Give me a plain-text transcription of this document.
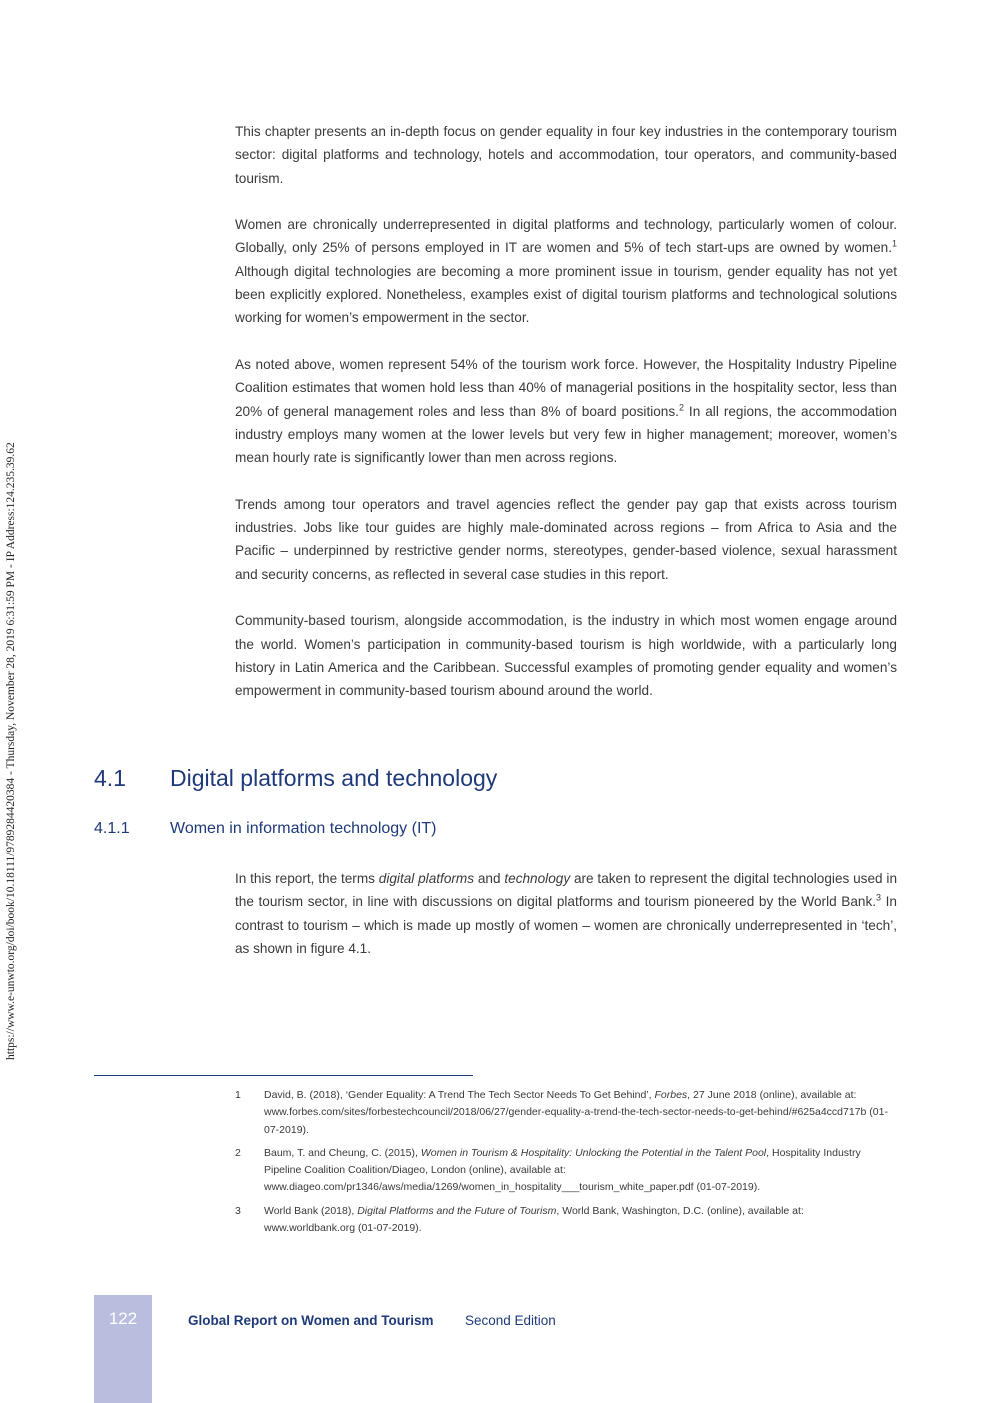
https://www.e-unwto.org/doi/book/10.18111/9789284420384 - Thursday, November 28, 2019 6:31:59 PM - IP Address:124.235.39.62

This chapter presents an in-depth focus on gender equality in four key industries in the contemporary tourism sector: digital platforms and technology, hotels and accommodation, tour operators, and community-based tourism.

Women are chronically underrepresented in digital platforms and technology, particularly women of colour. Globally, only 25% of persons employed in IT are women and 5% of tech start-ups are owned by women.$^1$ Although digital technologies are becoming a more prominent issue in tourism, gender equality has not yet been explicitly explored. Nonetheless, examples exist of digital tourism platforms and technological solutions working for women’s empowerment in the sector.

As noted above, women represent 54% of the tourism work force. However, the Hospitality Industry Pipeline Coalition estimates that women hold less than 40% of managerial positions in the hospitality sector, less than 20% of general management roles and less than 8% of board positions.$^2$ In all regions, the accommodation industry employs many women at the lower levels but very few in higher management; moreover, women’s mean hourly rate is significantly lower than men across regions.

Trends among tour operators and travel agencies reflect the gender pay gap that exists across tourism industries. Jobs like tour guides are highly male-dominated across regions – from Africa to Asia and the Pacific – underpinned by restrictive gender norms, stereotypes, gender-based violence, sexual harassment and security concerns, as reflected in several case studies in this report.

Community-based tourism, alongside accommodation, is the industry in which most women engage around the world. Women’s participation in community-based tourism is high worldwide, with a particularly long history in Latin America and the Caribbean. Successful examples of promoting gender equality and women’s empowerment in community-based tourism abound around the world.

4.1 Digital platforms and technology
4.1.1	Women in information technology (IT)

In this report, the terms digital platforms and technology are taken to represent the digital technologies used in the tourism sector, in line with discussions on digital platforms and tourism pioneered by the World Bank.$^3$ In contrast to tourism – which is made up mostly of women – women are chronically underrepresented in ‘tech’, as shown in figure 4.1.

1 David, B. (2018), ‘Gender Equality: A Trend The Tech Sector Needs To Get Behind’, Forbes, 27 June 2018 (online), available at: www.forbes.com/sites/forbestechcouncil/2018/06/27/gender-equality-a-trend-the-tech-sector-needs-to-get-behind/#625a4ccd717b (01-07-2019).
2 Baum, T. and Cheung, C. (2015), Women in Tourism & Hospitality: Unlocking the Potential in the Talent Pool, Hospitality Industry Pipeline Coalition Coalition/Diageo, London (online), available at: www.diageo.com/pr1346/aws/media/1269/women_in_hospitality___tourism_white_paper.pdf (01-07-2019).
3 World Bank (2018), Digital Platforms and the Future of Tourism, World Bank, Washington, D.C. (online), available at: www.worldbank.org (01-07-2019).
122	Global Report on Women and Tourism Second Edition
